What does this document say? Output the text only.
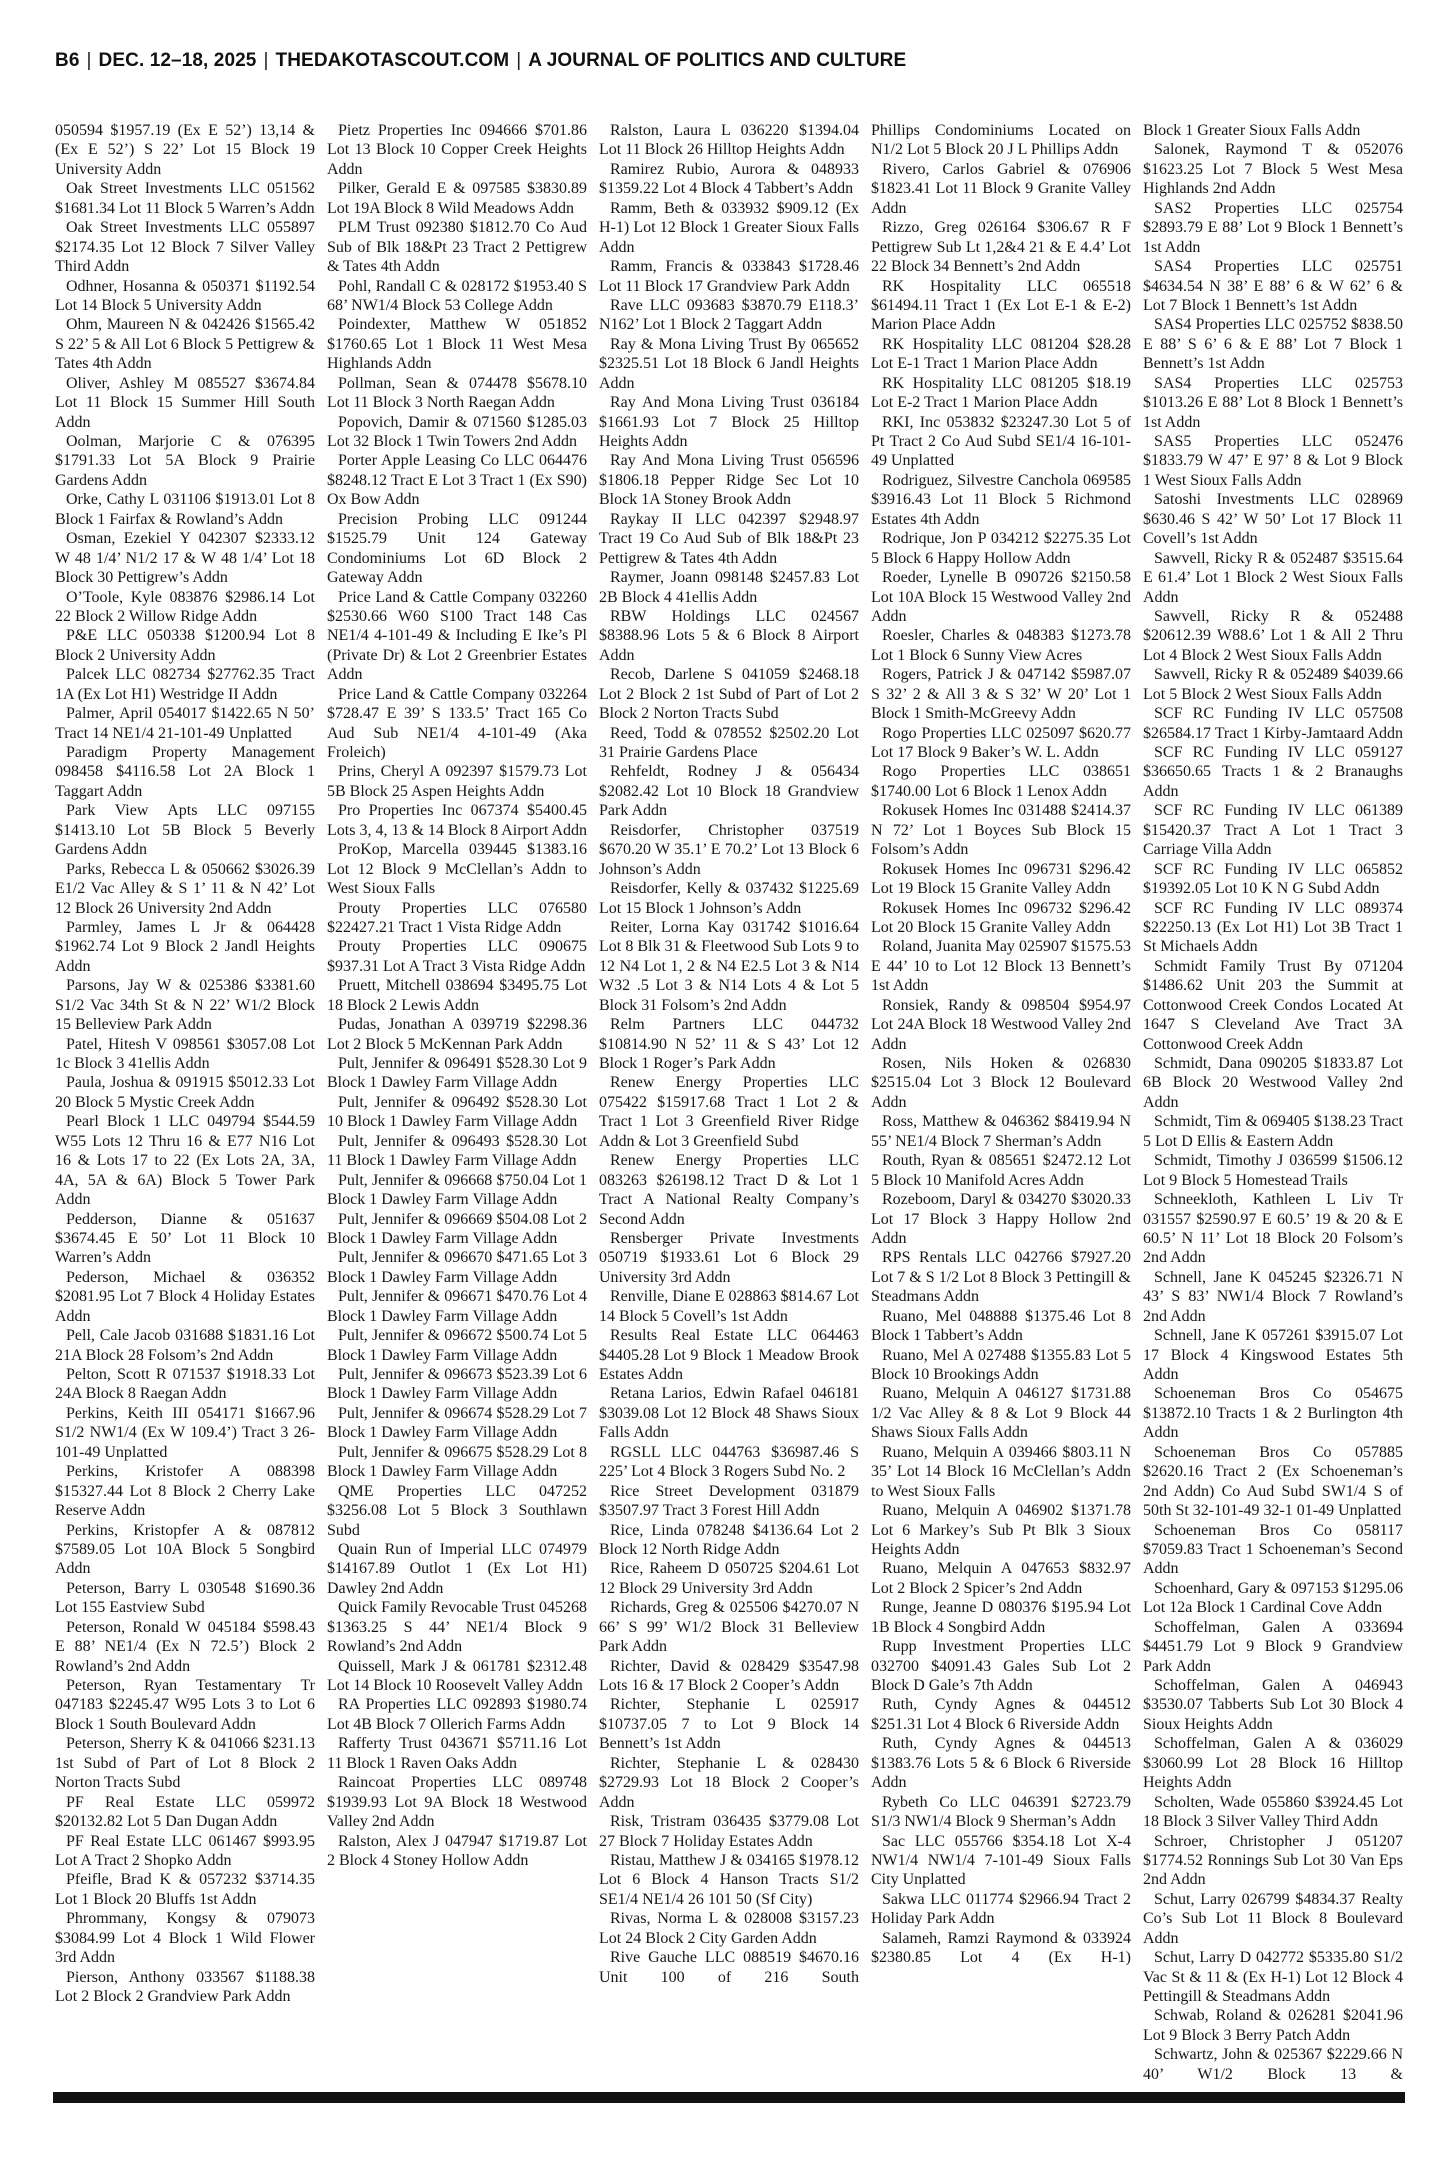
B6 | DEC. 12–18, 2025 | THEDAKOTASCOUT.COM | A JOURNAL OF POLITICS AND CULTURE

050594 $1957.19 (Ex E 52’) 13,14 & (Ex E 52’) S 22’ Lot 15 Block 19 University Addn

Oak Street Investments LLC 051562 $1681.34 Lot 11 Block 5 Warren’s Addn

Oak Street Investments LLC 055897 $2174.35 Lot 12 Block 7 Silver Valley Third Addn

Odhner, Hosanna & 050371 $1192.54 Lot 14 Block 5 University Addn

Ohm, Maureen N & 042426 $1565.42 S 22’ 5 & All Lot 6 Block 5 Pettigrew & Tates 4th Addn

Oliver, Ashley M 085527 $3674.84 Lot 11 Block 15 Summer Hill South Addn

Oolman, Marjorie C & 076395 $1791.33 Lot 5A Block 9 Prairie Gardens Addn

Orke, Cathy L 031106 $1913.01 Lot 8 Block 1 Fairfax & Rowland’s Addn

Osman, Ezekiel Y 042307 $2333.12 W 48 1/4’ N1/2 17 & W 48 1/4’ Lot 18 Block 30 Pettigrew’s Addn

O’Toole, Kyle 083876 $2986.14 Lot 22 Block 2 Willow Ridge Addn

P&E LLC 050338 $1200.94 Lot 8 Block 2 University Addn

Palcek LLC 082734 $27762.35 Tract 1A (Ex Lot H1) Westridge II Addn

Palmer, April 054017 $1422.65 N 50’ Tract 14 NE1/4 21-101-49 Unplatted

Paradigm Property Management 098458 $4116.58 Lot 2A Block 1 Taggart Addn

Park View Apts LLC 097155 $1413.10 Lot 5B Block 5 Beverly Gardens Addn

Parks, Rebecca L & 050662 $3026.39 E1/2 Vac Alley & S 1’ 11 & N 42’ Lot 12 Block 26 University 2nd Addn

Parmley, James L Jr & 064428 $1962.74 Lot 9 Block 2 Jandl Heights Addn

Parsons, Jay W & 025386 $3381.60 S1/2 Vac 34th St & N 22’ W1/2 Block 15 Belleview Park Addn

Patel, Hitesh V 098561 $3057.08 Lot 1c Block 3 41ellis Addn

Paula, Joshua & 091915 $5012.33 Lot 20 Block 5 Mystic Creek Addn

Pearl Block 1 LLC 049794 $544.59 W55 Lots 12 Thru 16 & E77 N16 Lot 16 & Lots 17 to 22 (Ex Lots 2A, 3A, 4A, 5A & 6A) Block 5 Tower Park Addn

Pedderson, Dianne & 051637 $3674.45 E 50’ Lot 11 Block 10 Warren’s Addn

Pederson, Michael & 036352 $2081.95 Lot 7 Block 4 Holiday Estates Addn

Pell, Cale Jacob 031688 $1831.16 Lot 21A Block 28 Folsom’s 2nd Addn

Pelton, Scott R 071537 $1918.33 Lot 24A Block 8 Raegan Addn

Perkins, Keith III 054171 $1667.96 S1/2 NW1/4 (Ex W 109.4’) Tract 3 26-101-49 Unplatted

Perkins, Kristofer A 088398 $15327.44 Lot 8 Block 2 Cherry Lake Reserve Addn

Perkins, Kristopfer A & 087812 $7589.05 Lot 10A Block 5 Songbird Addn

Peterson, Barry L 030548 $1690.36 Lot 155 Eastview Subd

Peterson, Ronald W 045184 $598.43 E 88’ NE1/4 (Ex N 72.5’) Block 2 Rowland’s 2nd Addn

Peterson, Ryan Testamentary Tr 047183 $2245.47 W95 Lots 3 to Lot 6 Block 1 South Boulevard Addn

Peterson, Sherry K & 041066 $231.13 1st Subd of Part of Lot 8 Block 2 Norton Tracts Subd

PF Real Estate LLC 059972 $20132.82 Lot 5 Dan Dugan Addn

PF Real Estate LLC 061467 $993.95 Lot A Tract 2 Shopko Addn

Pfeifle, Brad K & 057232 $3714.35 Lot 1 Block 20 Bluffs 1st Addn

Phrommany, Kongsy & 079073 $3084.99 Lot 4 Block 1 Wild Flower 3rd Addn

Pierson, Anthony 033567 $1188.38 Lot 2 Block 2 Grandview Park Addn

Pietz Properties Inc 094666 $701.86 Lot 13 Block 10 Copper Creek Heights Addn

Pilker, Gerald E & 097585 $3830.89 Lot 19A Block 8 Wild Meadows Addn

PLM Trust 092380 $1812.70 Co Aud Sub of Blk 18&Pt 23 Tract 2 Pettigrew & Tates 4th Addn

Pohl, Randall C & 028172 $1953.40 S 68’ NW1/4 Block 53 College Addn

Poindexter, Matthew W 051852 $1760.65 Lot 1 Block 11 West Mesa Highlands Addn

Pollman, Sean & 074478 $5678.10 Lot 11 Block 3 North Raegan Addn

Popovich, Damir & 071560 $1285.03 Lot 32 Block 1 Twin Towers 2nd Addn

Porter Apple Leasing Co LLC 064476 $8248.12 Tract E Lot 3 Tract 1 (Ex S90) Ox Bow Addn

Precision Probing LLC 091244 $1525.79 Unit 124 Gateway Condominiums Lot 6D Block 2 Gateway Addn

Price Land & Cattle Company 032260 $2530.66 W60 S100 Tract 148 Cas NE1/4 4-101-49 & Including E Ike’s Pl (Private Dr) & Lot 2 Greenbrier Estates Addn

Price Land & Cattle Company 032264 $728.47 E 39’ S 133.5’ Tract 165 Co Aud Sub NE1/4 4-101-49 (Aka Froleich)

Prins, Cheryl A 092397 $1579.73 Lot 5B Block 25 Aspen Heights Addn

Pro Properties Inc 067374 $5400.45 Lots 3, 4, 13 & 14 Block 8 Airport Addn

ProKop, Marcella 039445 $1383.16 Lot 12 Block 9 McClellan’s Addn to West Sioux Falls

Prouty Properties LLC 076580 $22427.21 Tract 1 Vista Ridge Addn

Prouty Properties LLC 090675 $937.31 Lot A Tract 3 Vista Ridge Addn

Pruett, Mitchell 038694 $3495.75 Lot 18 Block 2 Lewis Addn

Pudas, Jonathan A 039719 $2298.36 Lot 2 Block 5 McKennan Park Addn

Pult, Jennifer & 096491 $528.30 Lot 9 Block 1 Dawley Farm Village Addn

Pult, Jennifer & 096492 $528.30 Lot 10 Block 1 Dawley Farm Village Addn

Pult, Jennifer & 096493 $528.30 Lot 11 Block 1 Dawley Farm Village Addn

Pult, Jennifer & 096668 $750.04 Lot 1 Block 1 Dawley Farm Village Addn

Pult, Jennifer & 096669 $504.08 Lot 2 Block 1 Dawley Farm Village Addn

Pult, Jennifer & 096670 $471.65 Lot 3 Block 1 Dawley Farm Village Addn

Pult, Jennifer & 096671 $470.76 Lot 4 Block 1 Dawley Farm Village Addn

Pult, Jennifer & 096672 $500.74 Lot 5 Block 1 Dawley Farm Village Addn

Pult, Jennifer & 096673 $523.39 Lot 6 Block 1 Dawley Farm Village Addn

Pult, Jennifer & 096674 $528.29 Lot 7 Block 1 Dawley Farm Village Addn

Pult, Jennifer & 096675 $528.29 Lot 8 Block 1 Dawley Farm Village Addn

QME Properties LLC 047252 $3256.08 Lot 5 Block 3 Southlawn Subd

Quain Run of Imperial LLC 074979 $14167.89 Outlot 1 (Ex Lot H1) Dawley 2nd Addn

Quick Family Revocable Trust 045268 $1363.25 S 44’ NE1/4 Block 9 Rowland’s 2nd Addn

Quissell, Mark J & 061781 $2312.48 Lot 14 Block 10 Roosevelt Valley Addn

RA Properties LLC 092893 $1980.74 Lot 4B Block 7 Ollerich Farms Addn

Rafferty Trust 043671 $5711.16 Lot 11 Block 1 Raven Oaks Addn

Raincoat Properties LLC 089748 $1939.93 Lot 9A Block 18 Westwood Valley 2nd Addn

Ralston, Alex J 047947 $1719.87 Lot 2 Block 4 Stoney Hollow Addn

Ralston, Laura L 036220 $1394.04 Lot 11 Block 26 Hilltop Heights Addn

Ramirez Rubio, Aurora & 048933 $1359.22 Lot 4 Block 4 Tabbert’s Addn

Ramm, Beth & 033932 $909.12 (Ex H-1) Lot 12 Block 1 Greater Sioux Falls Addn

Ramm, Francis & 033843 $1728.46 Lot 11 Block 17 Grandview Park Addn

Rave LLC 093683 $3870.79 E118.3’ N162’ Lot 1 Block 2 Taggart Addn

Ray & Mona Living Trust By 065652 $2325.51 Lot 18 Block 6 Jandl Heights Addn

Ray And Mona Living Trust 036184 $1661.93 Lot 7 Block 25 Hilltop Heights Addn

Ray And Mona Living Trust 056596 $1806.18 Pepper Ridge Sec Lot 10 Block 1A Stoney Brook Addn

Raykay II LLC 042397 $2948.97 Tract 19 Co Aud Sub of Blk 18&Pt 23 Pettigrew & Tates 4th Addn

Raymer, Joann 098148 $2457.83 Lot 2B Block 4 41ellis Addn

RBW Holdings LLC 024567 $8388.96 Lots 5 & 6 Block 8 Airport Addn

Recob, Darlene S 041059 $2468.18 Lot 2 Block 2 1st Subd of Part of Lot 2 Block 2 Norton Tracts Subd

Reed, Todd & 078552 $2502.20 Lot 31 Prairie Gardens Place

Rehfeldt, Rodney J & 056434 $2082.42 Lot 10 Block 18 Grandview Park Addn

Reisdorfer, Christopher 037519 $670.20 W 35.1’ E 70.2’ Lot 13 Block 6 Johnson’s Addn

Reisdorfer, Kelly & 037432 $1225.69 Lot 15 Block 1 Johnson’s Addn

Reiter, Lorna Kay 031742 $1016.64 Lot 8 Blk 31 & Fleetwood Sub Lots 9 to 12 N4 Lot 1, 2 & N4 E2.5 Lot 3 & N14 W32 .5 Lot 3 & N14 Lots 4 & Lot 5 Block 31 Folsom’s 2nd Addn

Relm Partners LLC 044732 $10814.90 N 52’ 11 & S 43’ Lot 12 Block 1 Roger’s Park Addn

Renew Energy Properties LLC 075422 $15917.68 Tract 1 Lot 2 & Tract 1 Lot 3 Greenfield River Ridge Addn & Lot 3 Greenfield Subd

Renew Energy Properties LLC 083263 $26198.12 Tract D & Lot 1 Tract A National Realty Company’s Second Addn

Rensberger Private Investments 050719 $1933.61 Lot 6 Block 29 University 3rd Addn

Renville, Diane E 028863 $814.67 Lot 14 Block 5 Covell’s 1st Addn

Results Real Estate LLC 064463 $4405.28 Lot 9 Block 1 Meadow Brook Estates Addn

Retana Larios, Edwin Rafael 046181 $3039.08 Lot 12 Block 48 Shaws Sioux Falls Addn

RGSLL LLC 044763 $36987.46 S 225’ Lot 4 Block 3 Rogers Subd No. 2

Rice Street Development 031879 $3507.97 Tract 3 Forest Hill Addn

Rice, Linda 078248 $4136.64 Lot 2 Block 12 North Ridge Addn

Rice, Raheem D 050725 $204.61 Lot 12 Block 29 University 3rd Addn

Richards, Greg & 025506 $4270.07 N 66’ S 99’ W1/2 Block 31 Belleview Park Addn

Richter, David & 028429 $3547.98 Lots 16 & 17 Block 2 Cooper’s Addn

Richter, Stephanie L 025917 $10737.05 7 to Lot 9 Block 14 Bennett’s 1st Addn

Richter, Stephanie L & 028430 $2729.93 Lot 18 Block 2 Cooper’s Addn

Risk, Tristram 036435 $3779.08 Lot 27 Block 7 Holiday Estates Addn

Ristau, Matthew J & 034165 $1978.12 Lot 6 Block 4 Hanson Tracts S1/2 SE1/4 NE1/4 26 101 50 (Sf City)

Rivas, Norma L & 028008 $3157.23 Lot 24 Block 2 City Garden Addn

Rive Gauche LLC 088519 $4670.16 Unit 100 of 216 South

Phillips Condominiums Located on N1/2 Lot 5 Block 20 J L Phillips Addn

Rivero, Carlos Gabriel & 076906 $1823.41 Lot 11 Block 9 Granite Valley Addn

Rizzo, Greg 026164 $306.67 R F Pettigrew Sub Lt 1,2&4 21 & E 4.4’ Lot 22 Block 34 Bennett’s 2nd Addn

RK Hospitality LLC 065518 $61494.11 Tract 1 (Ex Lot E-1 & E-2) Marion Place Addn

RK Hospitality LLC 081204 $28.28 Lot E-1 Tract 1 Marion Place Addn

RK Hospitality LLC 081205 $18.19 Lot E-2 Tract 1 Marion Place Addn

RKI, Inc 053832 $23247.30 Lot 5 of Pt Tract 2 Co Aud Subd SE1/4 16-101-49 Unplatted

Rodriguez, Silvestre Canchola 069585 $3916.43 Lot 11 Block 5 Richmond Estates 4th Addn

Rodrique, Jon P 034212 $2275.35 Lot 5 Block 6 Happy Hollow Addn

Roeder, Lynelle B 090726 $2150.58 Lot 10A Block 15 Westwood Valley 2nd Addn

Roesler, Charles & 048383 $1273.78 Lot 1 Block 6 Sunny View Acres

Rogers, Patrick J & 047142 $5987.07 S 32’ 2 & All 3 & S 32’ W 20’ Lot 1 Block 1 Smith-McGreevy Addn

Rogo Properties LLC 025097 $620.77 Lot 17 Block 9 Baker’s W. L. Addn

Rogo Properties LLC 038651 $1740.00 Lot 6 Block 1 Lenox Addn

Rokusek Homes Inc 031488 $2414.37 N 72’ Lot 1 Boyces Sub Block 15 Folsom’s Addn

Rokusek Homes Inc 096731 $296.42 Lot 19 Block 15 Granite Valley Addn

Rokusek Homes Inc 096732 $296.42 Lot 20 Block 15 Granite Valley Addn

Roland, Juanita May 025907 $1575.53 E 44’ 10 to Lot 12 Block 13 Bennett’s 1st Addn

Ronsiek, Randy & 098504 $954.97 Lot 24A Block 18 Westwood Valley 2nd Addn

Rosen, Nils Hoken & 026830 $2515.04 Lot 3 Block 12 Boulevard Addn

Ross, Matthew & 046362 $8419.94 N 55’ NE1/4 Block 7 Sherman’s Addn

Routh, Ryan & 085651 $2472.12 Lot 5 Block 10 Manifold Acres Addn

Rozeboom, Daryl & 034270 $3020.33 Lot 17 Block 3 Happy Hollow 2nd Addn

RPS Rentals LLC 042766 $7927.20 Lot 7 & S 1/2 Lot 8 Block 3 Pettingill & Steadmans Addn

Ruano, Mel 048888 $1375.46 Lot 8 Block 1 Tabbert’s Addn

Ruano, Mel A 027488 $1355.83 Lot 5 Block 10 Brookings Addn

Ruano, Melquin A 046127 $1731.88 1/2 Vac Alley & 8 & Lot 9 Block 44 Shaws Sioux Falls Addn

Ruano, Melquin A 039466 $803.11 N 35’ Lot 14 Block 16 McClellan’s Addn to West Sioux Falls

Ruano, Melquin A 046902 $1371.78 Lot 6 Markey’s Sub Pt Blk 3 Sioux Heights Addn

Ruano, Melquin A 047653 $832.97 Lot 2 Block 2 Spicer’s 2nd Addn

Runge, Jeanne D 080376 $195.94 Lot 1B Block 4 Songbird Addn

Rupp Investment Properties LLC 032700 $4091.43 Gales Sub Lot 2 Block D Gale’s 7th Addn

Ruth, Cyndy Agnes & 044512 $251.31 Lot 4 Block 6 Riverside Addn

Ruth, Cyndy Agnes & 044513 $1383.76 Lots 5 & 6 Block 6 Riverside Addn

Rybeth Co LLC 046391 $2723.79 S1/3 NW1/4 Block 9 Sherman’s Addn

Sac LLC 055766 $354.18 Lot X-4 NW1/4 NW1/4 7-101-49 Sioux Falls City Unplatted

Sakwa LLC 011774 $2966.94 Tract 2 Holiday Park Addn

Salameh, Ramzi Raymond & 033924 $2380.85 Lot 4 (Ex H-1)

Block 1 Greater Sioux Falls Addn

Salonek, Raymond T & 052076 $1623.25 Lot 7 Block 5 West Mesa Highlands 2nd Addn

SAS2 Properties LLC 025754 $2893.79 E 88’ Lot 9 Block 1 Bennett’s 1st Addn

SAS4 Properties LLC 025751 $4634.54 N 38’ E 88’ 6 & W 62’ 6 & Lot 7 Block 1 Bennett’s 1st Addn

SAS4 Properties LLC 025752 $838.50 E 88’ S 6’ 6 & E 88’ Lot 7 Block 1 Bennett’s 1st Addn

SAS4 Properties LLC 025753 $1013.26 E 88’ Lot 8 Block 1 Bennett’s 1st Addn

SAS5 Properties LLC 052476 $1833.79 W 47’ E 97’ 8 & Lot 9 Block 1 West Sioux Falls Addn

Satoshi Investments LLC 028969 $630.46 S 42’ W 50’ Lot 17 Block 11 Covell’s 1st Addn

Sawvell, Ricky R & 052487 $3515.64 E 61.4’ Lot 1 Block 2 West Sioux Falls Addn

Sawvell, Ricky R & 052488 $20612.39 W88.6’ Lot 1 & All 2 Thru Lot 4 Block 2 West Sioux Falls Addn

Sawvell, Ricky R & 052489 $4039.66 Lot 5 Block 2 West Sioux Falls Addn

SCF RC Funding IV LLC 057508 $26584.17 Tract 1 Kirby-Jamtaard Addn

SCF RC Funding IV LLC 059127 $36650.65 Tracts 1 & 2 Branaughs Addn

SCF RC Funding IV LLC 061389 $15420.37 Tract A Lot 1 Tract 3 Carriage Villa Addn

SCF RC Funding IV LLC 065852 $19392.05 Lot 10 K N G Subd Addn

SCF RC Funding IV LLC 089374 $22250.13 (Ex Lot H1) Lot 3B Tract 1 St Michaels Addn

Schmidt Family Trust By 071204 $1486.62 Unit 203 the Summit at Cottonwood Creek Condos Located At 1647 S Cleveland Ave Tract 3A Cottonwood Creek Addn

Schmidt, Dana 090205 $1833.87 Lot 6B Block 20 Westwood Valley 2nd Addn

Schmidt, Tim & 069405 $138.23 Tract 5 Lot D Ellis & Eastern Addn

Schmidt, Timothy J 036599 $1506.12 Lot 9 Block 5 Homestead Trails

Schneekloth, Kathleen L Liv Tr 031557 $2590.97 E 60.5’ 19 & 20 & E 60.5’ N 11’ Lot 18 Block 20 Folsom’s 2nd Addn

Schnell, Jane K 045245 $2326.71 N 43’ S 83’ NW1/4 Block 7 Rowland’s 2nd Addn

Schnell, Jane K 057261 $3915.07 Lot 17 Block 4 Kingswood Estates 5th Addn

Schoeneman Bros Co 054675 $13872.10 Tracts 1 & 2 Burlington 4th Addn

Schoeneman Bros Co 057885 $2620.16 Tract 2 (Ex Schoeneman’s 2nd Addn) Co Aud Subd SW1/4 S of 50th St 32-101-49 32-1 01-49 Unplatted

Schoeneman Bros Co 058117 $7059.83 Tract 1 Schoeneman’s Second Addn

Schoenhard, Gary & 097153 $1295.06 Lot 12a Block 1 Cardinal Cove Addn

Schoffelman, Galen A 033694 $4451.79 Lot 9 Block 9 Grandview Park Addn

Schoffelman, Galen A 046943 $3530.07 Tabberts Sub Lot 30 Block 4 Sioux Heights Addn

Schoffelman, Galen A & 036029 $3060.99 Lot 28 Block 16 Hilltop Heights Addn

Scholten, Wade 055860 $3924.45 Lot 18 Block 3 Silver Valley Third Addn

Schroer, Christopher J 051207 $1774.52 Ronnings Sub Lot 30 Van Eps 2nd Addn

Schut, Larry 026799 $4834.37 Realty Co’s Sub Lot 11 Block 8 Boulevard Addn

Schut, Larry D 042772 $5335.80 S1/2 Vac St & 11 & (Ex H-1) Lot 12 Block 4 Pettingill & Steadmans Addn

Schwab, Roland & 026281 $2041.96 Lot 9 Block 3 Berry Patch Addn

Schwartz, John & 025367 $2229.66 N 40’ W1/2 Block 13 &
